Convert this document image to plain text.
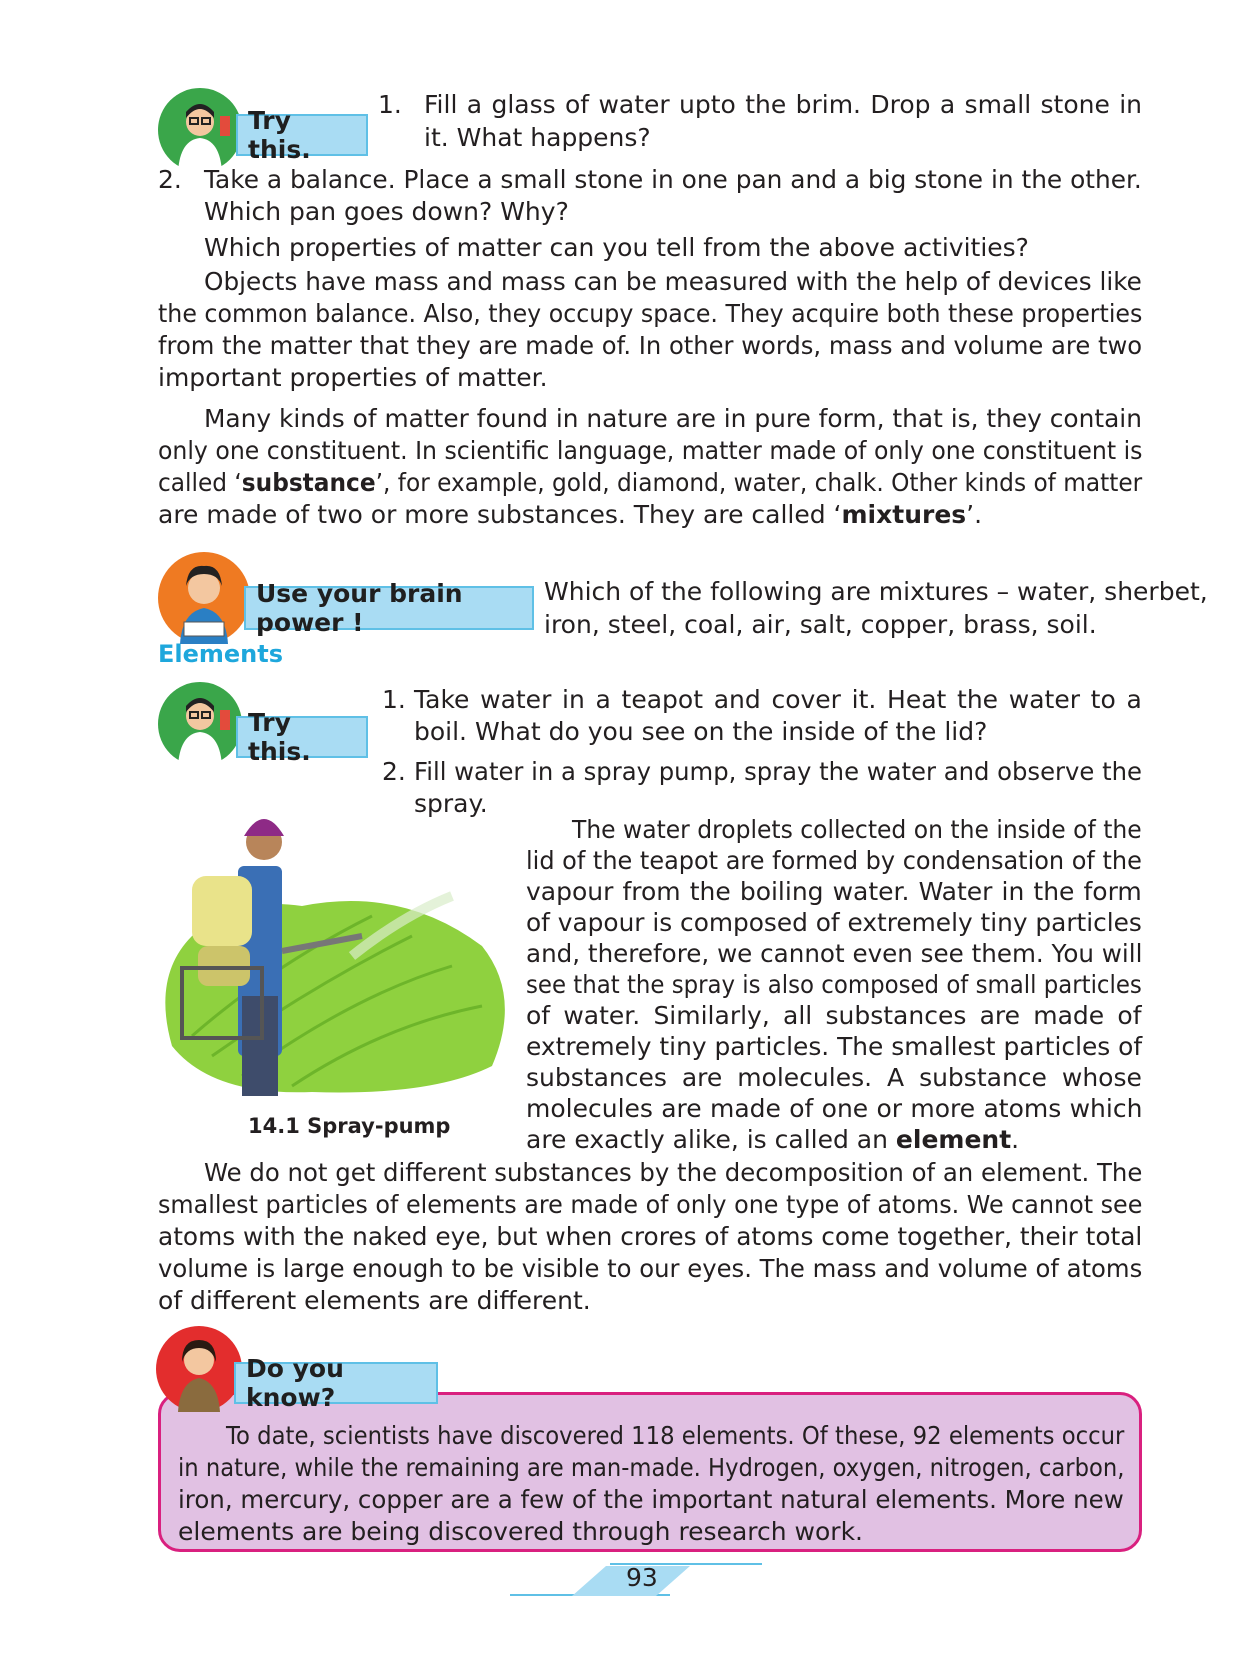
Try this.
1. Fill a glass of water upto the brim. Drop a small stone in
it. What happens?
2. Take a balance. Place a small stone in one pan and a big stone in the other.
Which pan goes down? Why?
Which properties of matter can you tell from the above activities?
Objects have mass and mass can be measured with the help of devices like
the common balance. Also, they occupy space. They acquire both these properties
from the matter that they are made of. In other words, mass and volume are two
important properties of matter.
Many kinds of matter found in nature are in pure form, that is, they contain
only one constituent. In scientific language, matter made of only one constituent is
called ‘substance’, for example, gold, diamond, water, chalk. Other kinds of matter
are made of two or more substances. They are called ‘mixtures’.
Use your brain power !
Which of the following are mixtures – water, sherbet,
iron, steel, coal, air, salt, copper, brass, soil.
Elements
Try this.
1. Take water in a teapot and cover it. Heat the water to a
boil. What do you see on the inside of the lid?
2. Fill water in a spray pump, spray the water and observe the
spray.
14.1 Spray-pump
The water droplets collected on the inside of the
lid of the teapot are formed by condensation of the
vapour from the boiling water. Water in the form
of vapour is composed of extremely tiny particles
and, therefore, we cannot even see them. You will
see that the spray is also composed of small particles
of water. Similarly, all substances are made of
extremely tiny particles. The smallest particles of
substances are molecules. A substance whose
molecules are made of one or more atoms which
are exactly alike, is called an element.
We do not get different substances by the decomposition of an element. The
smallest particles of elements are made of only one type of atoms. We cannot see
atoms with the naked eye, but when crores of atoms come together, their total
volume is large enough to be visible to our eyes. The mass and volume of atoms
of different elements are different.
Do you know?
To date, scientists have discovered 118 elements. Of these, 92 elements occur
in nature, while the remaining are man-made. Hydrogen, oxygen, nitrogen, carbon,
iron, mercury, copper are a few of the important natural elements. More new
elements are being discovered through research work.
93
